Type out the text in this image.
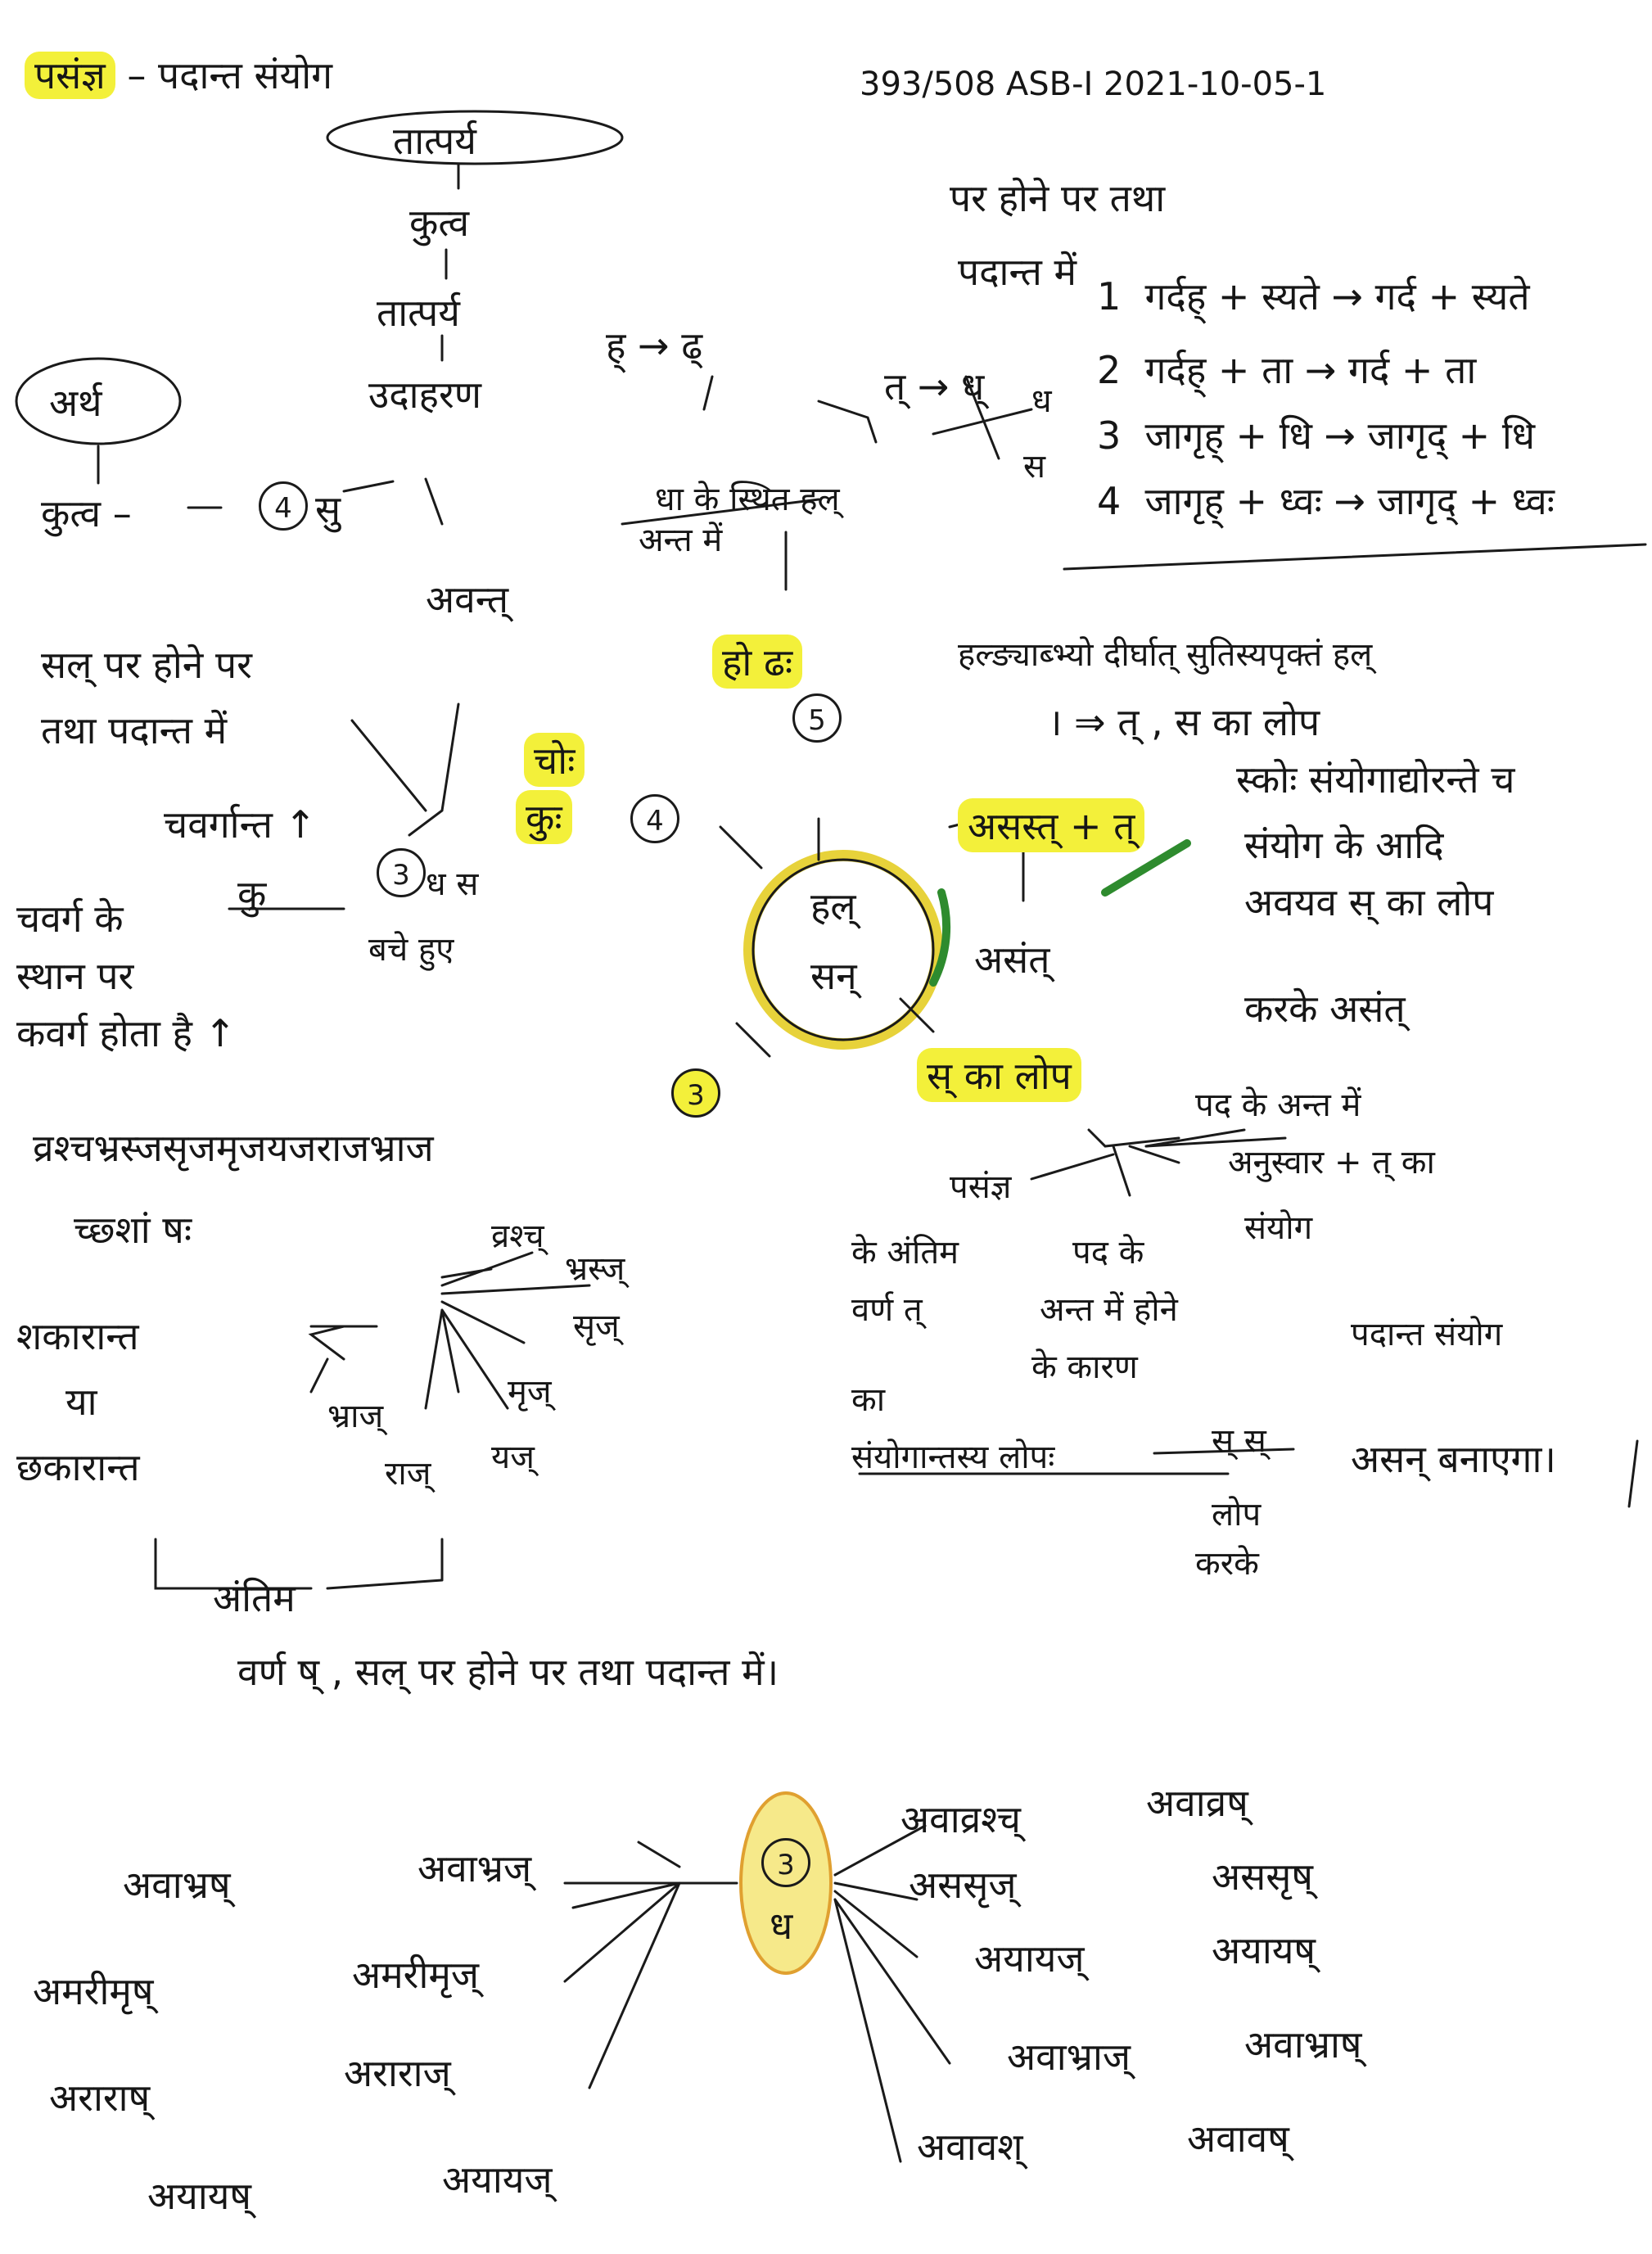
पसंज्ञ – पदान्त संयोग	393/508 ASB-I 2021-10-05-1
तात्पर्य
कुत्व
तात्पर्य
उदाहरण
अवन्त्
अर्थ
कुत्व –	4 सु
पर होने पर तथा
पदान्त में
1 गर्दह् + स्यते → गर्द + स्यते
2 गर्दह् + ता → गर्द + ता
3 जागृह् + धि → जागृद् + धि
4 जागृह् + ध्वः → जागृद् + ध्वः
ह् → ढ्
त् → ध् ध
स
धा के स्थित हल्
अन्त में
हो ढः
5
सल् पर होने पर
तथा पदान्त में
चोः
कुः	4
चवर्गान्त ↑
कु	3 ध स
बचे हुए
चवर्ग के
स्थान पर
कवर्ग होता है ↑
हल्
सन्
3
हल्ङ्याब्भ्यो दीर्घात् सुतिस्यपृक्तं हल्
। ⇒ त् , स का लोप
असस्त् + त्
असंत्
स्कोः संयोगाद्योरन्ते च
संयोग के आदि
अवयव स् का लोप
करके असंत्
स् का लोप
पद के अन्त में
अनुस्वार + त् का
संयोग
पसंज्ञ
के अंतिम
वर्ण त्
पद के
अन्त में होने
के कारण
पदान्त संयोग
का
संयोगान्तस्य लोपः	स् स्
लोप
करके
असन् बनाएगा।
व्रश्चभ्रस्जसृजमृजयजराजभ्राज
च्छ्शां षः	व्रश्च्
भ्रस्ज्
सृज्
मृज्
यज्
राज्
भ्राज्
शकारान्त
या
छकारान्त
अंतिम
वर्ण ष् , सल् पर होने पर तथा पदान्त में।
अवाभ्रष्	अवाभ्रज्
अमरीमृष्	अमरीमृज्
अराराष्
अराराज्
अयायष्	अयायज्
3
ध
अवाव्रश्च्	अवाव्रष्
अससृज्	अससृष्
अयायज्	अयायष्
अवाभ्राज्	अवाभ्राष्
अवावश्	अवावष्
